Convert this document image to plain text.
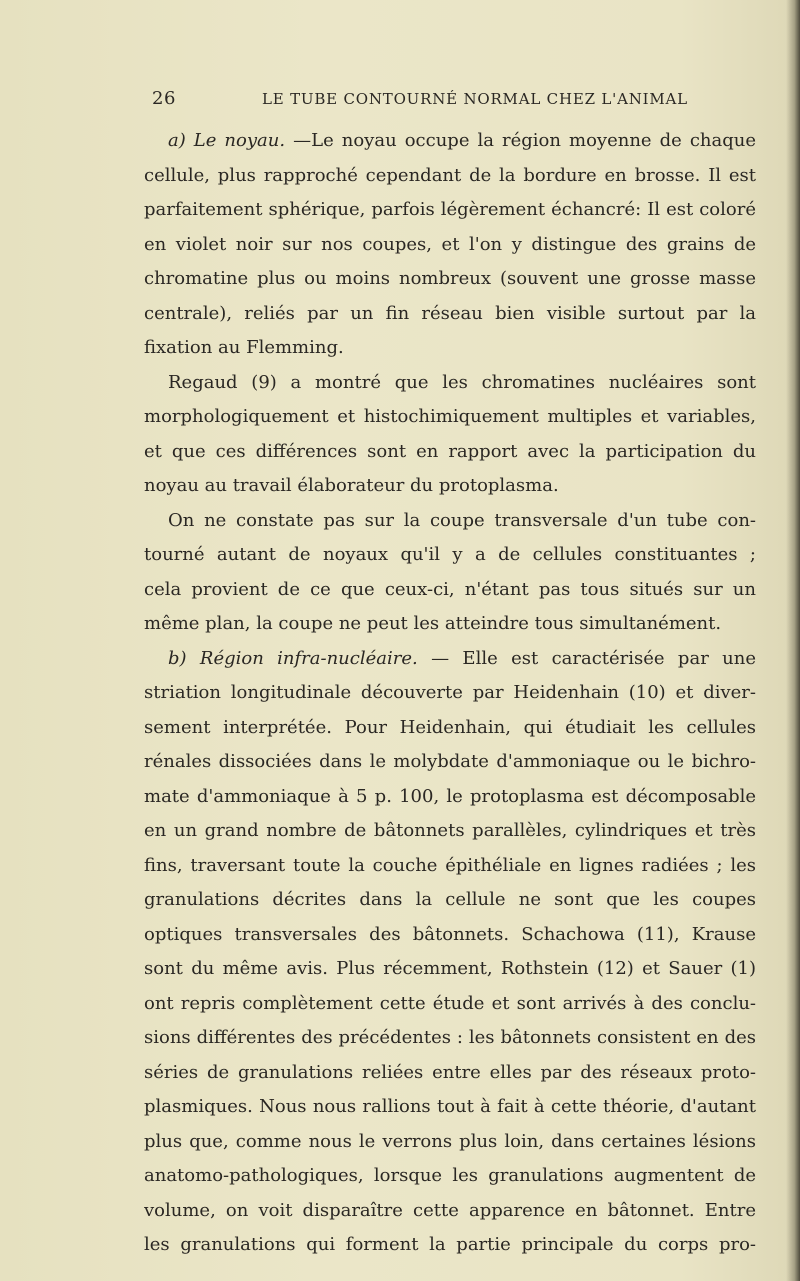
26	LE TUBE CONTOURNÉ NORMAL CHEZ L'ANIMAL
a) Le noyau. —Le noyau occupe la région moyenne de chaque
cellule, plus rapproché cependant de la bordure en brosse. Il est
parfaitement sphérique, parfois légèrement échancré: Il est coloré
en violet noir sur nos coupes, et l'on y distingue des grains de
chromatine plus ou moins nombreux (souvent une grosse masse
centrale), reliés par un fin réseau bien visible surtout par la
fixation au Flemming.
Regaud (9) a montré que les chromatines nucléaires sont
morphologiquement et histochimiquement multiples et variables,
et que ces différences sont en rapport avec la participation du
noyau au travail élaborateur du protoplasma.
On ne constate pas sur la coupe transversale d'un tube con-
tourné autant de noyaux qu'il y a de cellules constituantes ;
cela provient de ce que ceux-ci, n'étant pas tous situés sur un
même plan, la coupe ne peut les atteindre tous simultanément.
b) Région infra-nucléaire. — Elle est caractérisée par une
striation longitudinale découverte par Heidenhain (10) et diver-
sement interprétée. Pour Heidenhain, qui étudiait les cellules
rénales dissociées dans le molybdate d'ammoniaque ou le bichro-
mate d'ammoniaque à 5 p. 100, le protoplasma est décomposable
en un grand nombre de bâtonnets parallèles, cylindriques et très
fins, traversant toute la couche épithéliale en lignes radiées ; les
granulations décrites dans la cellule ne sont que les coupes
optiques transversales des bâtonnets. Schachowa (11), Krause
sont du même avis. Plus récemment, Rothstein (12) et Sauer (1)
ont repris complètement cette étude et sont arrivés à des conclu-
sions différentes des précédentes : les bâtonnets consistent en des
séries de granulations reliées entre elles par des réseaux proto-
plasmiques. Nous nous rallions tout à fait à cette théorie, d'autant
plus que, comme nous le verrons plus loin, dans certaines lésions
anatomo-pathologiques, lorsque les granulations augmentent de
volume, on voit disparaître cette apparence en bâtonnet. Entre
les granulations qui forment la partie principale du corps pro-
